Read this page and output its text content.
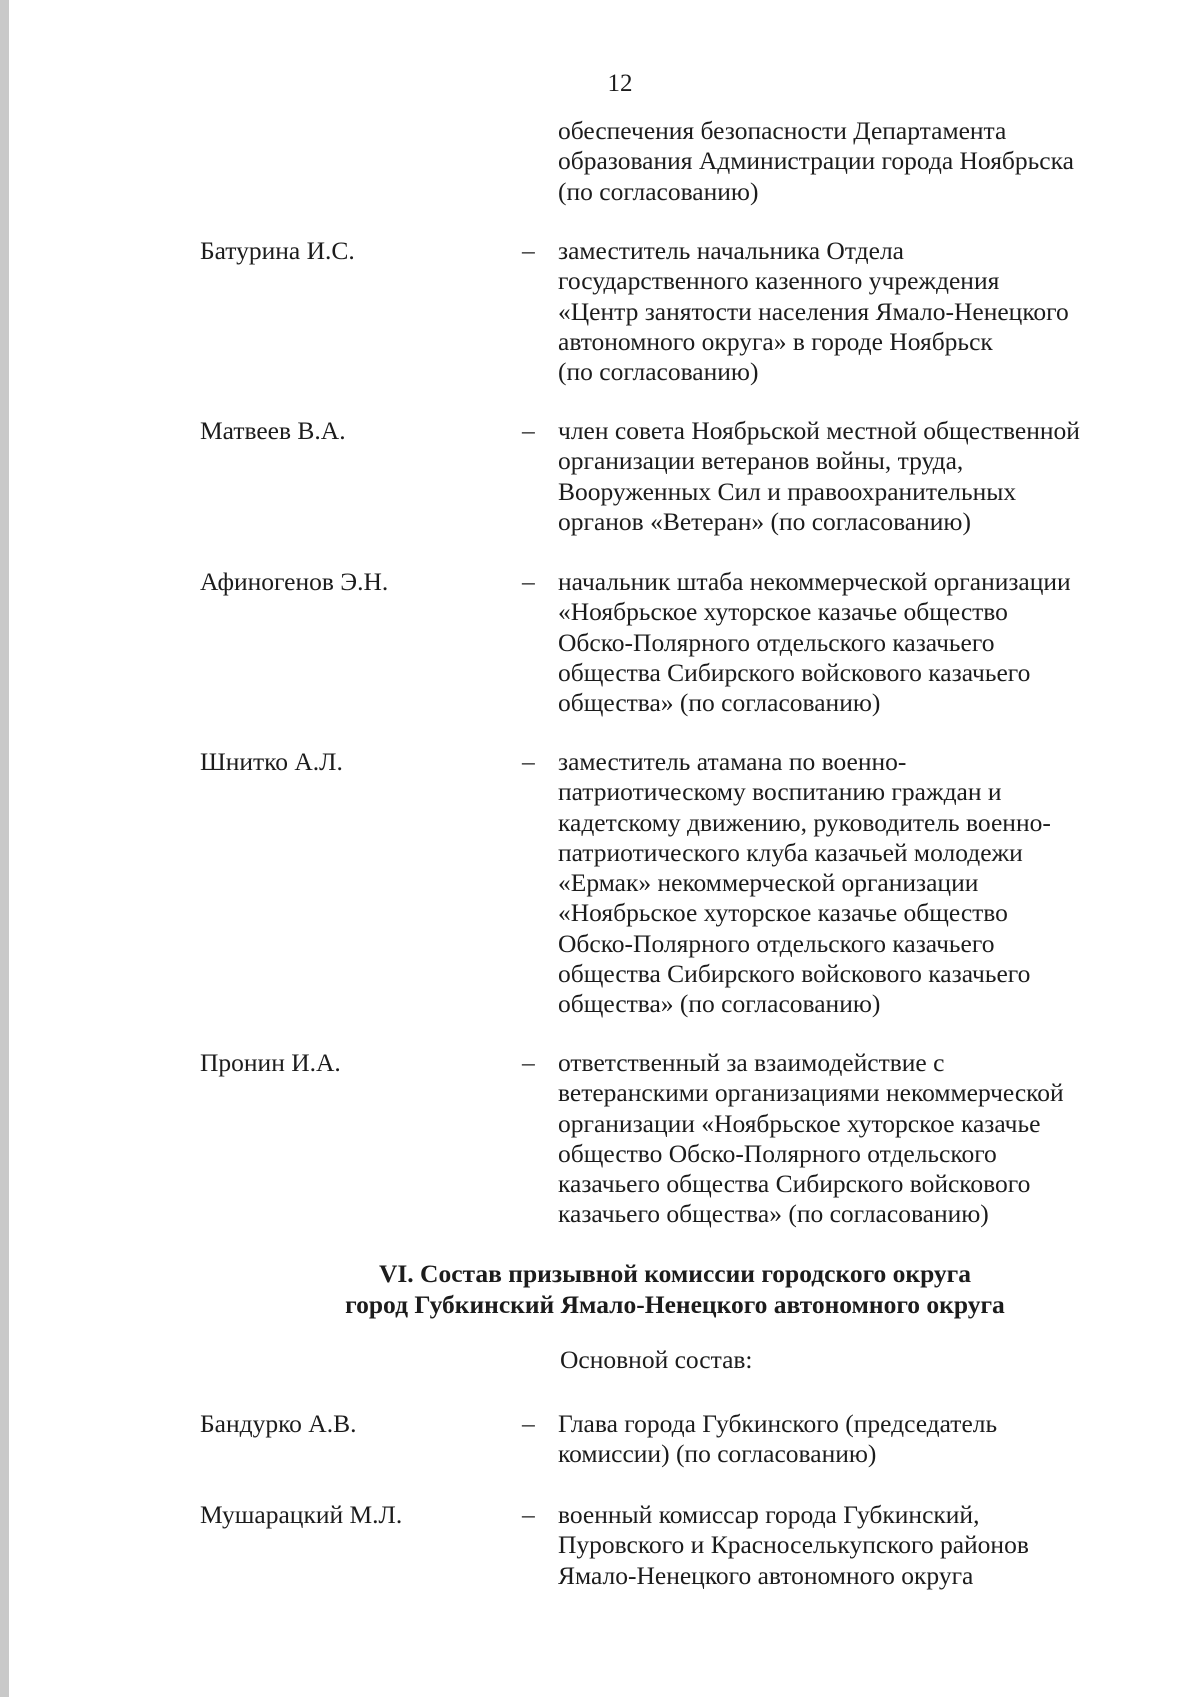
12
обеспечения безопасности Департамента
образования Администрации города Ноябрьска
(по согласованию)
Батурина И.С.	– заместитель начальника Отдела
государственного казенного учреждения
«Центр занятости населения Ямало-Ненецкого
автономного округа» в городе Ноябрьск
(по согласованию)
Матвеев В.А.	– член совета Ноябрьской местной общественной
организации ветеранов войны, труда,
Вооруженных Сил и правоохранительных
органов «Ветеран» (по согласованию)
Афиногенов Э.Н.	– начальник штаба некоммерческой организации
«Ноябрьское хуторское казачье общество
Обско-Полярного отдельского казачьего
общества Сибирского войскового казачьего
общества» (по согласованию)
Шнитко А.Л.	– заместитель атамана по военно-
патриотическому воспитанию граждан и
кадетскому движению, руководитель военно-
патриотического клуба казачьей молодежи
«Ермак» некоммерческой организации
«Ноябрьское хуторское казачье общество
Обско-Полярного отдельского казачьего
общества Сибирского войскового казачьего
общества» (по согласованию)
Пронин И.А.	– ответственный за взаимодействие с
ветеранскими организациями некоммерческой
организации «Ноябрьское хуторское казачье
общество Обско-Полярного отдельского
казачьего общества Сибирского войскового
казачьего общества» (по согласованию)
VI. Состав призывной комиссии городского округа
город Губкинский Ямало-Ненецкого автономного округа
Основной состав:
Бандурко А.В.	– Глава города Губкинского (председатель
комиссии) (по согласованию)
Мушарацкий М.Л.	– военный комиссар города Губкинский,
Пуровского и Красноселькупского районов
Ямало-Ненецкого автономного округа
